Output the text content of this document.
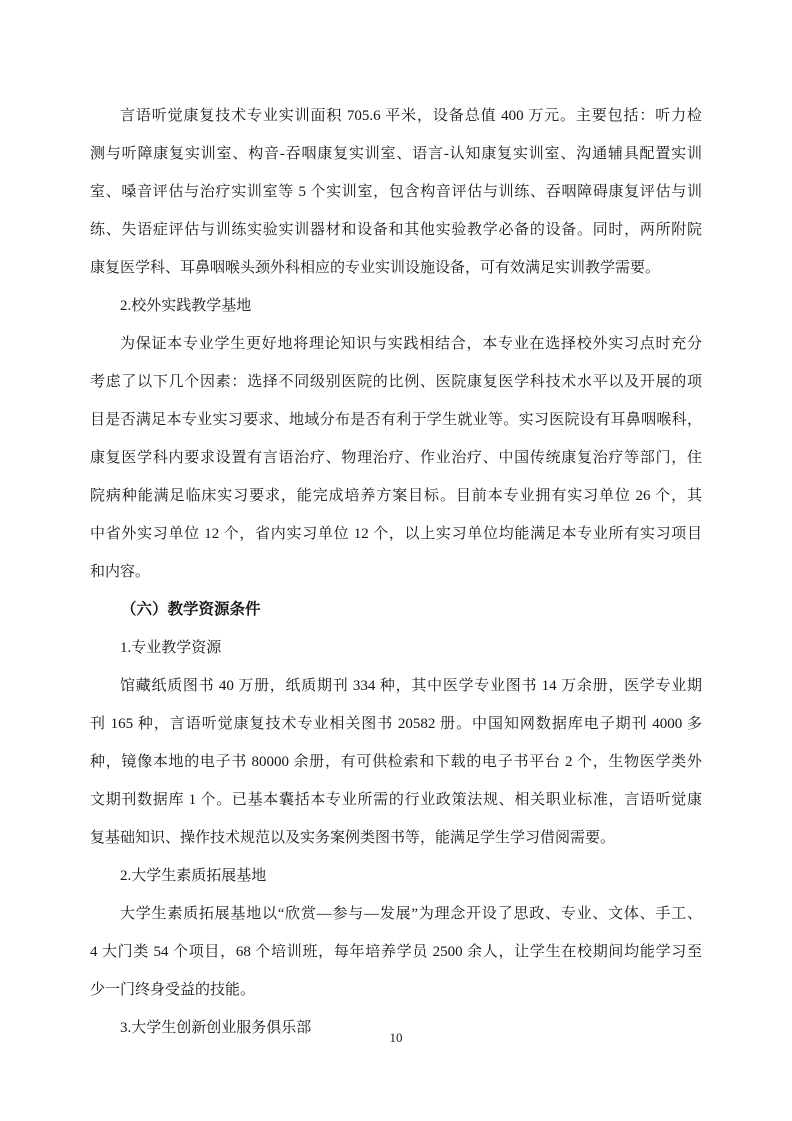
言语听觉康复技术专业实训面积 705.6 平米，设备总值 400 万元。主要包括：听力检
测与听障康复实训室、构音-吞咽康复实训室、语言-认知康复实训室、沟通辅具配置实训
室、嗓音评估与治疗实训室等 5 个实训室，包含构音评估与训练、吞咽障碍康复评估与训
练、失语症评估与训练实验实训器材和设备和其他实验教学必备的设备。同时，两所附院
康复医学科、耳鼻咽喉头颈外科相应的专业实训设施设备，可有效满足实训教学需要。
2.校外实践教学基地
为保证本专业学生更好地将理论知识与实践相结合，本专业在选择校外实习点时充分
考虑了以下几个因素：选择不同级别医院的比例、医院康复医学科技术水平以及开展的项
目是否满足本专业实习要求、地域分布是否有利于学生就业等。实习医院设有耳鼻咽喉科，
康复医学科内要求设置有言语治疗、物理治疗、作业治疗、中国传统康复治疗等部门，住
院病种能满足临床实习要求，能完成培养方案目标。目前本专业拥有实习单位 26 个，其
中省外实习单位 12 个，省内实习单位 12 个，以上实习单位均能满足本专业所有实习项目
和内容。
（六）教学资源条件
1.专业教学资源
馆藏纸质图书 40 万册，纸质期刊 334 种，其中医学专业图书 14 万余册，医学专业期
刊 165 种，言语听觉康复技术专业相关图书 20582 册。中国知网数据库电子期刊 4000 多
种，镜像本地的电子书 80000 余册，有可供检索和下载的电子书平台 2 个，生物医学类外
文期刊数据库 1 个。已基本囊括本专业所需的行业政策法规、相关职业标准，言语听觉康
复基础知识、操作技术规范以及实务案例类图书等，能满足学生学习借阅需要。
2.大学生素质拓展基地
大学生素质拓展基地以“欣赏—参与—发展”为理念开设了思政、专业、文体、手工、
4 大门类 54 个项目，68 个培训班，每年培养学员 2500 余人，让学生在校期间均能学习至
少一门终身受益的技能。
3.大学生创新创业服务俱乐部
10
